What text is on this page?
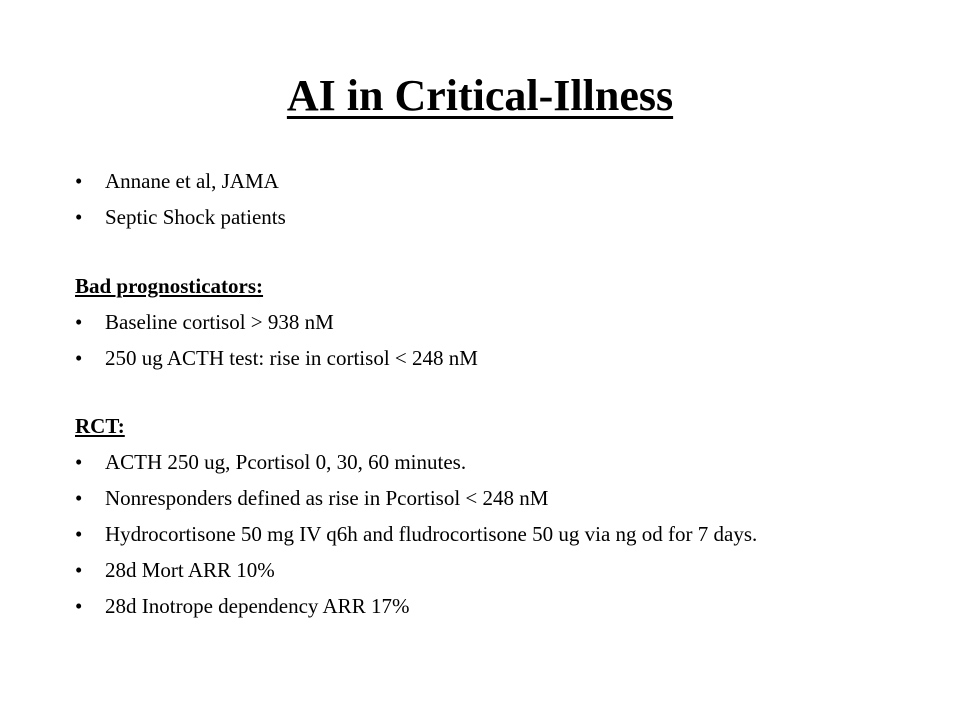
AI in Critical-Illness
• Annane et al, JAMA
• Septic Shock patients
Bad prognosticators:
• Baseline cortisol > 938 nM
• 250 ug ACTH test: rise in cortisol < 248 nM
RCT:
• ACTH 250 ug, Pcortisol 0, 30, 60 minutes.
• Nonresponders defined as rise in Pcortisol < 248 nM
• Hydrocortisone 50 mg IV q6h and fludrocortisone 50 ug via ng od for 7 days.
• 28d Mort ARR 10%
• 28d Inotrope dependency ARR 17%
